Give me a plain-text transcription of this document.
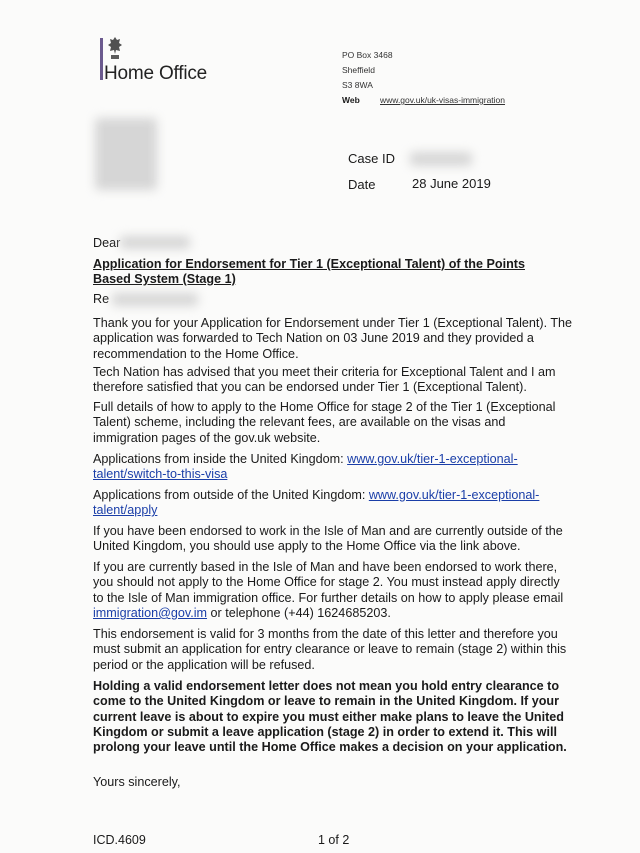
Home Office
PO Box 3468
Sheffield
S3 8WA
Web www.gov.uk/uk-visas-immigration
Case ID
Date	28 June 2019
Dear
Application for Endorsement for Tier 1 (Exceptional Talent) of the Points
Based System (Stage 1)
Re
Thank you for your Application for Endorsement under Tier 1 (Exceptional Talent). The application was forwarded to Tech Nation on 03 June 2019 and they provided a recommendation to the Home Office.
Tech Nation has advised that you meet their criteria for Exceptional Talent and I am therefore satisfied that you can be endorsed under Tier 1 (Exceptional Talent).
Full details of how to apply to the Home Office for stage 2 of the Tier 1 (Exceptional Talent) scheme, including the relevant fees, are available on the visas and immigration pages of the gov.uk website.
Applications from inside the United Kingdom: www.gov.uk/tier-1-exceptional-talent/switch-to-this-visa
Applications from outside of the United Kingdom: www.gov.uk/tier-1-exceptional-talent/apply
If you have been endorsed to work in the Isle of Man and are currently outside of the United Kingdom, you should use apply to the Home Office via the link above.
If you are currently based in the Isle of Man and have been endorsed to work there, you should not apply to the Home Office for stage 2. You must instead apply directly to the Isle of Man immigration office. For further details on how to apply please email immigration@gov.im or telephone (+44) 1624685203.
This endorsement is valid for 3 months from the date of this letter and therefore you must submit an application for entry clearance or leave to remain (stage 2) within this period or the application will be refused.
Holding a valid endorsement letter does not mean you hold entry clearance to come to the United Kingdom or leave to remain in the United Kingdom. If your current leave is about to expire you must either make plans to leave the United Kingdom or submit a leave application (stage 2) in order to extend it. This will prolong your leave until the Home Office makes a decision on your application.
Yours sincerely,
ICD.4609	1 of 2
